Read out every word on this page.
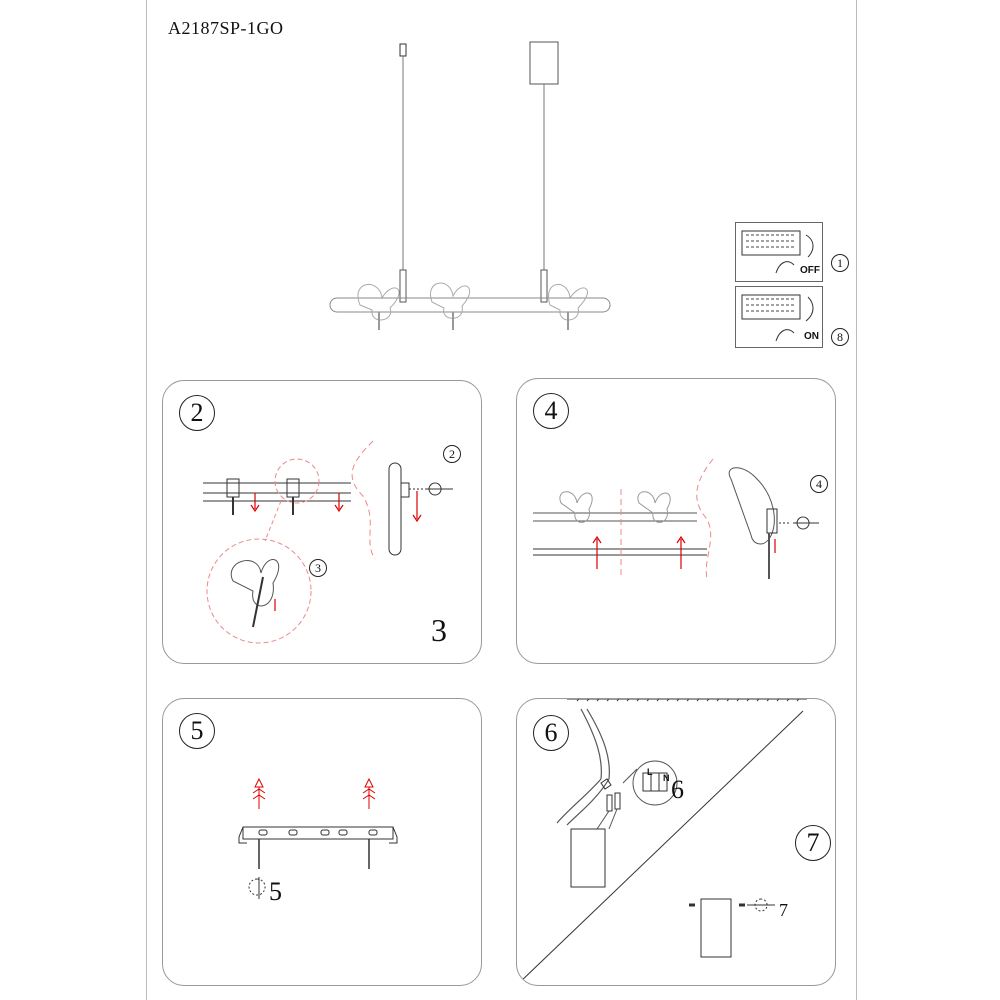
A2187SP-1GO
OFF
1
ON	8
2
2
3
3
4
4
5
5
6
L
N 6
7
7
